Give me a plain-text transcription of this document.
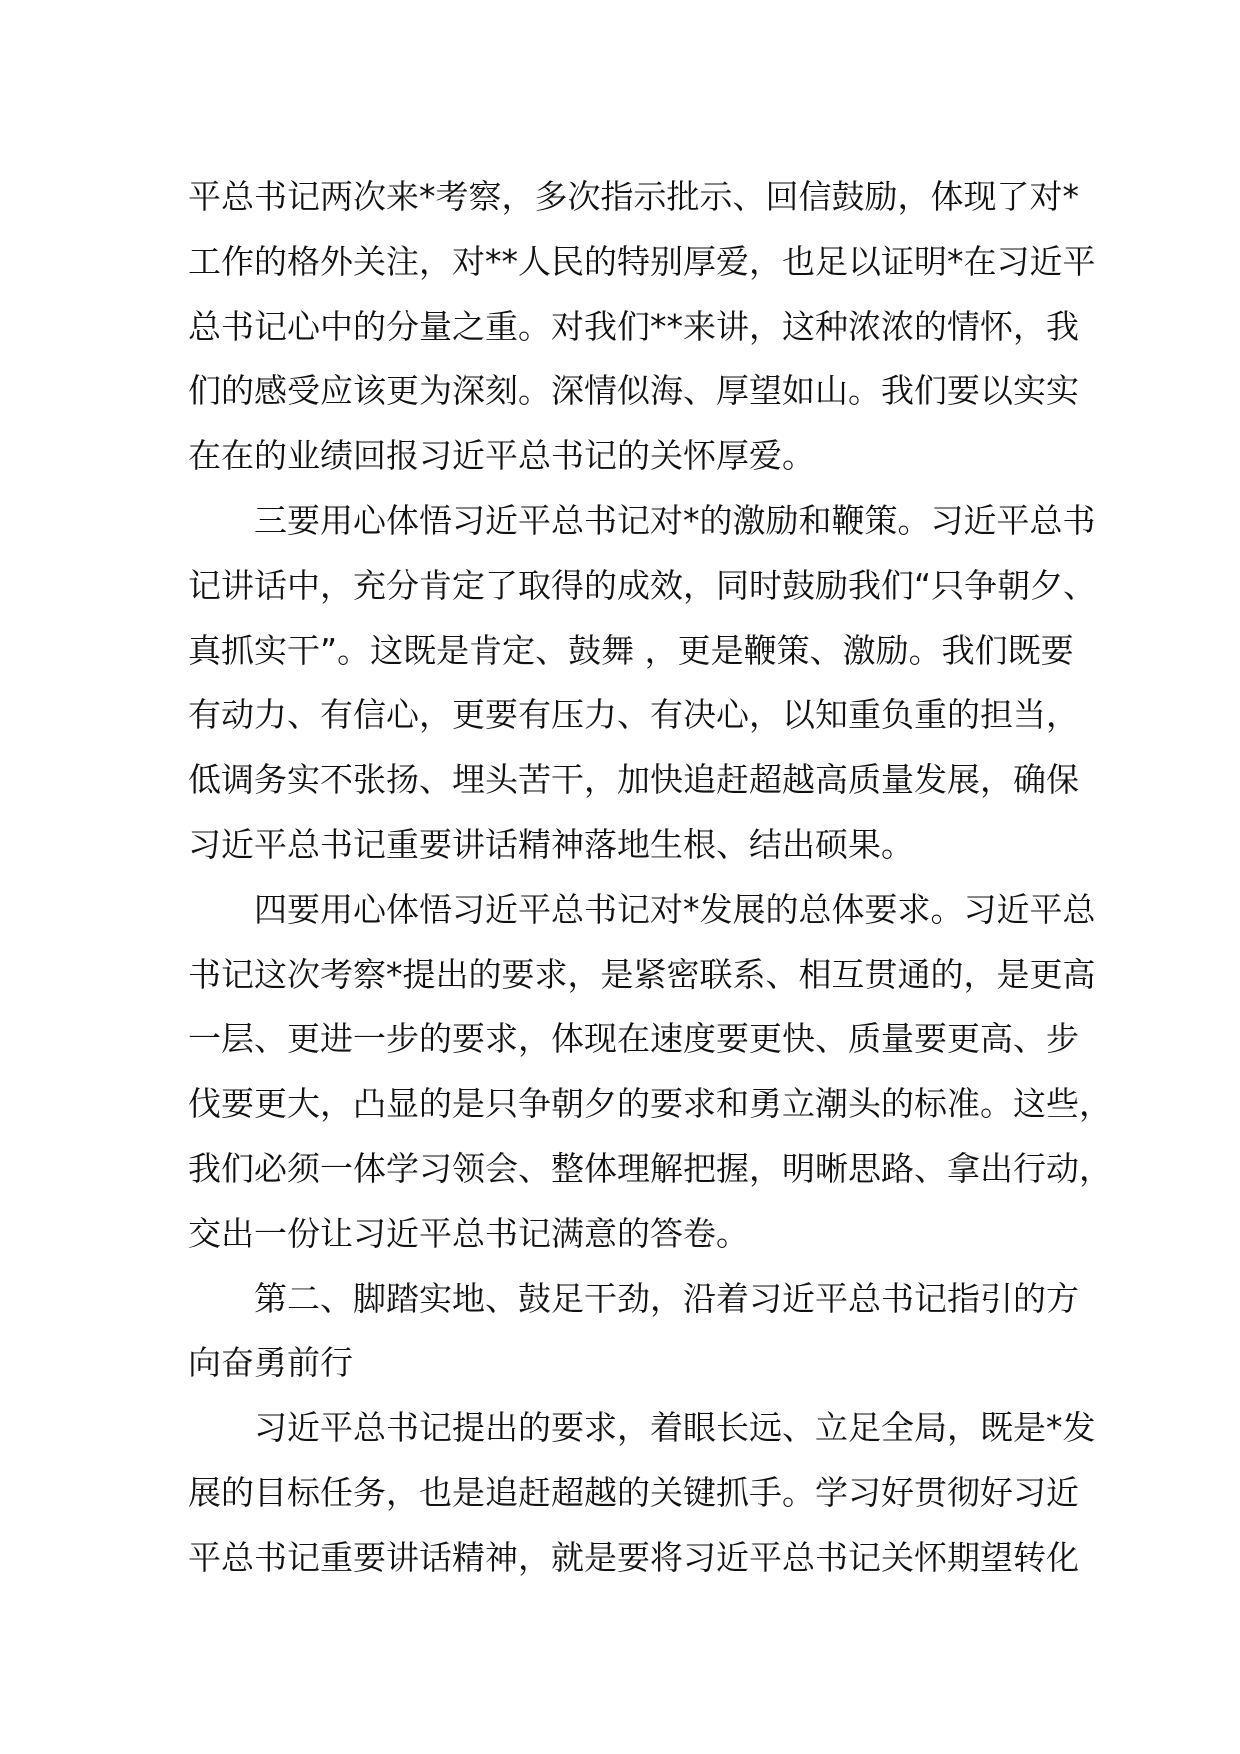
平总书记两次来*考察，多次指示批示、回信鼓励，体现了对*
工作的格外关注，对**人民的特别厚爱，也足以证明*在习近平
总书记心中的分量之重。对我们**来讲，这种浓浓的情怀，我
们的感受应该更为深刻。深情似海、厚望如山。我们要以实实
在在的业绩回报习近平总书记的关怀厚爱。
三要用心体悟习近平总书记对*的激励和鞭策。习近平总书
记讲话中，充分肯定了取得的成效，同时鼓励我们“只争朝夕、
真抓实干”。这既是肯定、鼓舞 ，更是鞭策、激励。我们既要
有动力、有信心，更要有压力、有决心，以知重负重的担当，
低调务实不张扬、埋头苦干，加快追赶超越高质量发展，确保
习近平总书记重要讲话精神落地生根、结出硕果。
四要用心体悟习近平总书记对*发展的总体要求。习近平总
书记这次考察*提出的要求，是紧密联系、相互贯通的，是更高
一层、更进一步的要求，体现在速度要更快、质量要更高、步
伐要更大，凸显的是只争朝夕的要求和勇立潮头的标准。这些，
我们必须一体学习领会、整体理解把握，明晰思路、拿出行动，
交出一份让习近平总书记满意的答卷。
第二、脚踏实地、鼓足干劲，沿着习近平总书记指引的方
向奋勇前行
习近平总书记提出的要求，着眼长远、立足全局，既是*发
展的目标任务，也是追赶超越的关键抓手。学习好贯彻好习近
平总书记重要讲话精神，就是要将习近平总书记关怀期望转化
